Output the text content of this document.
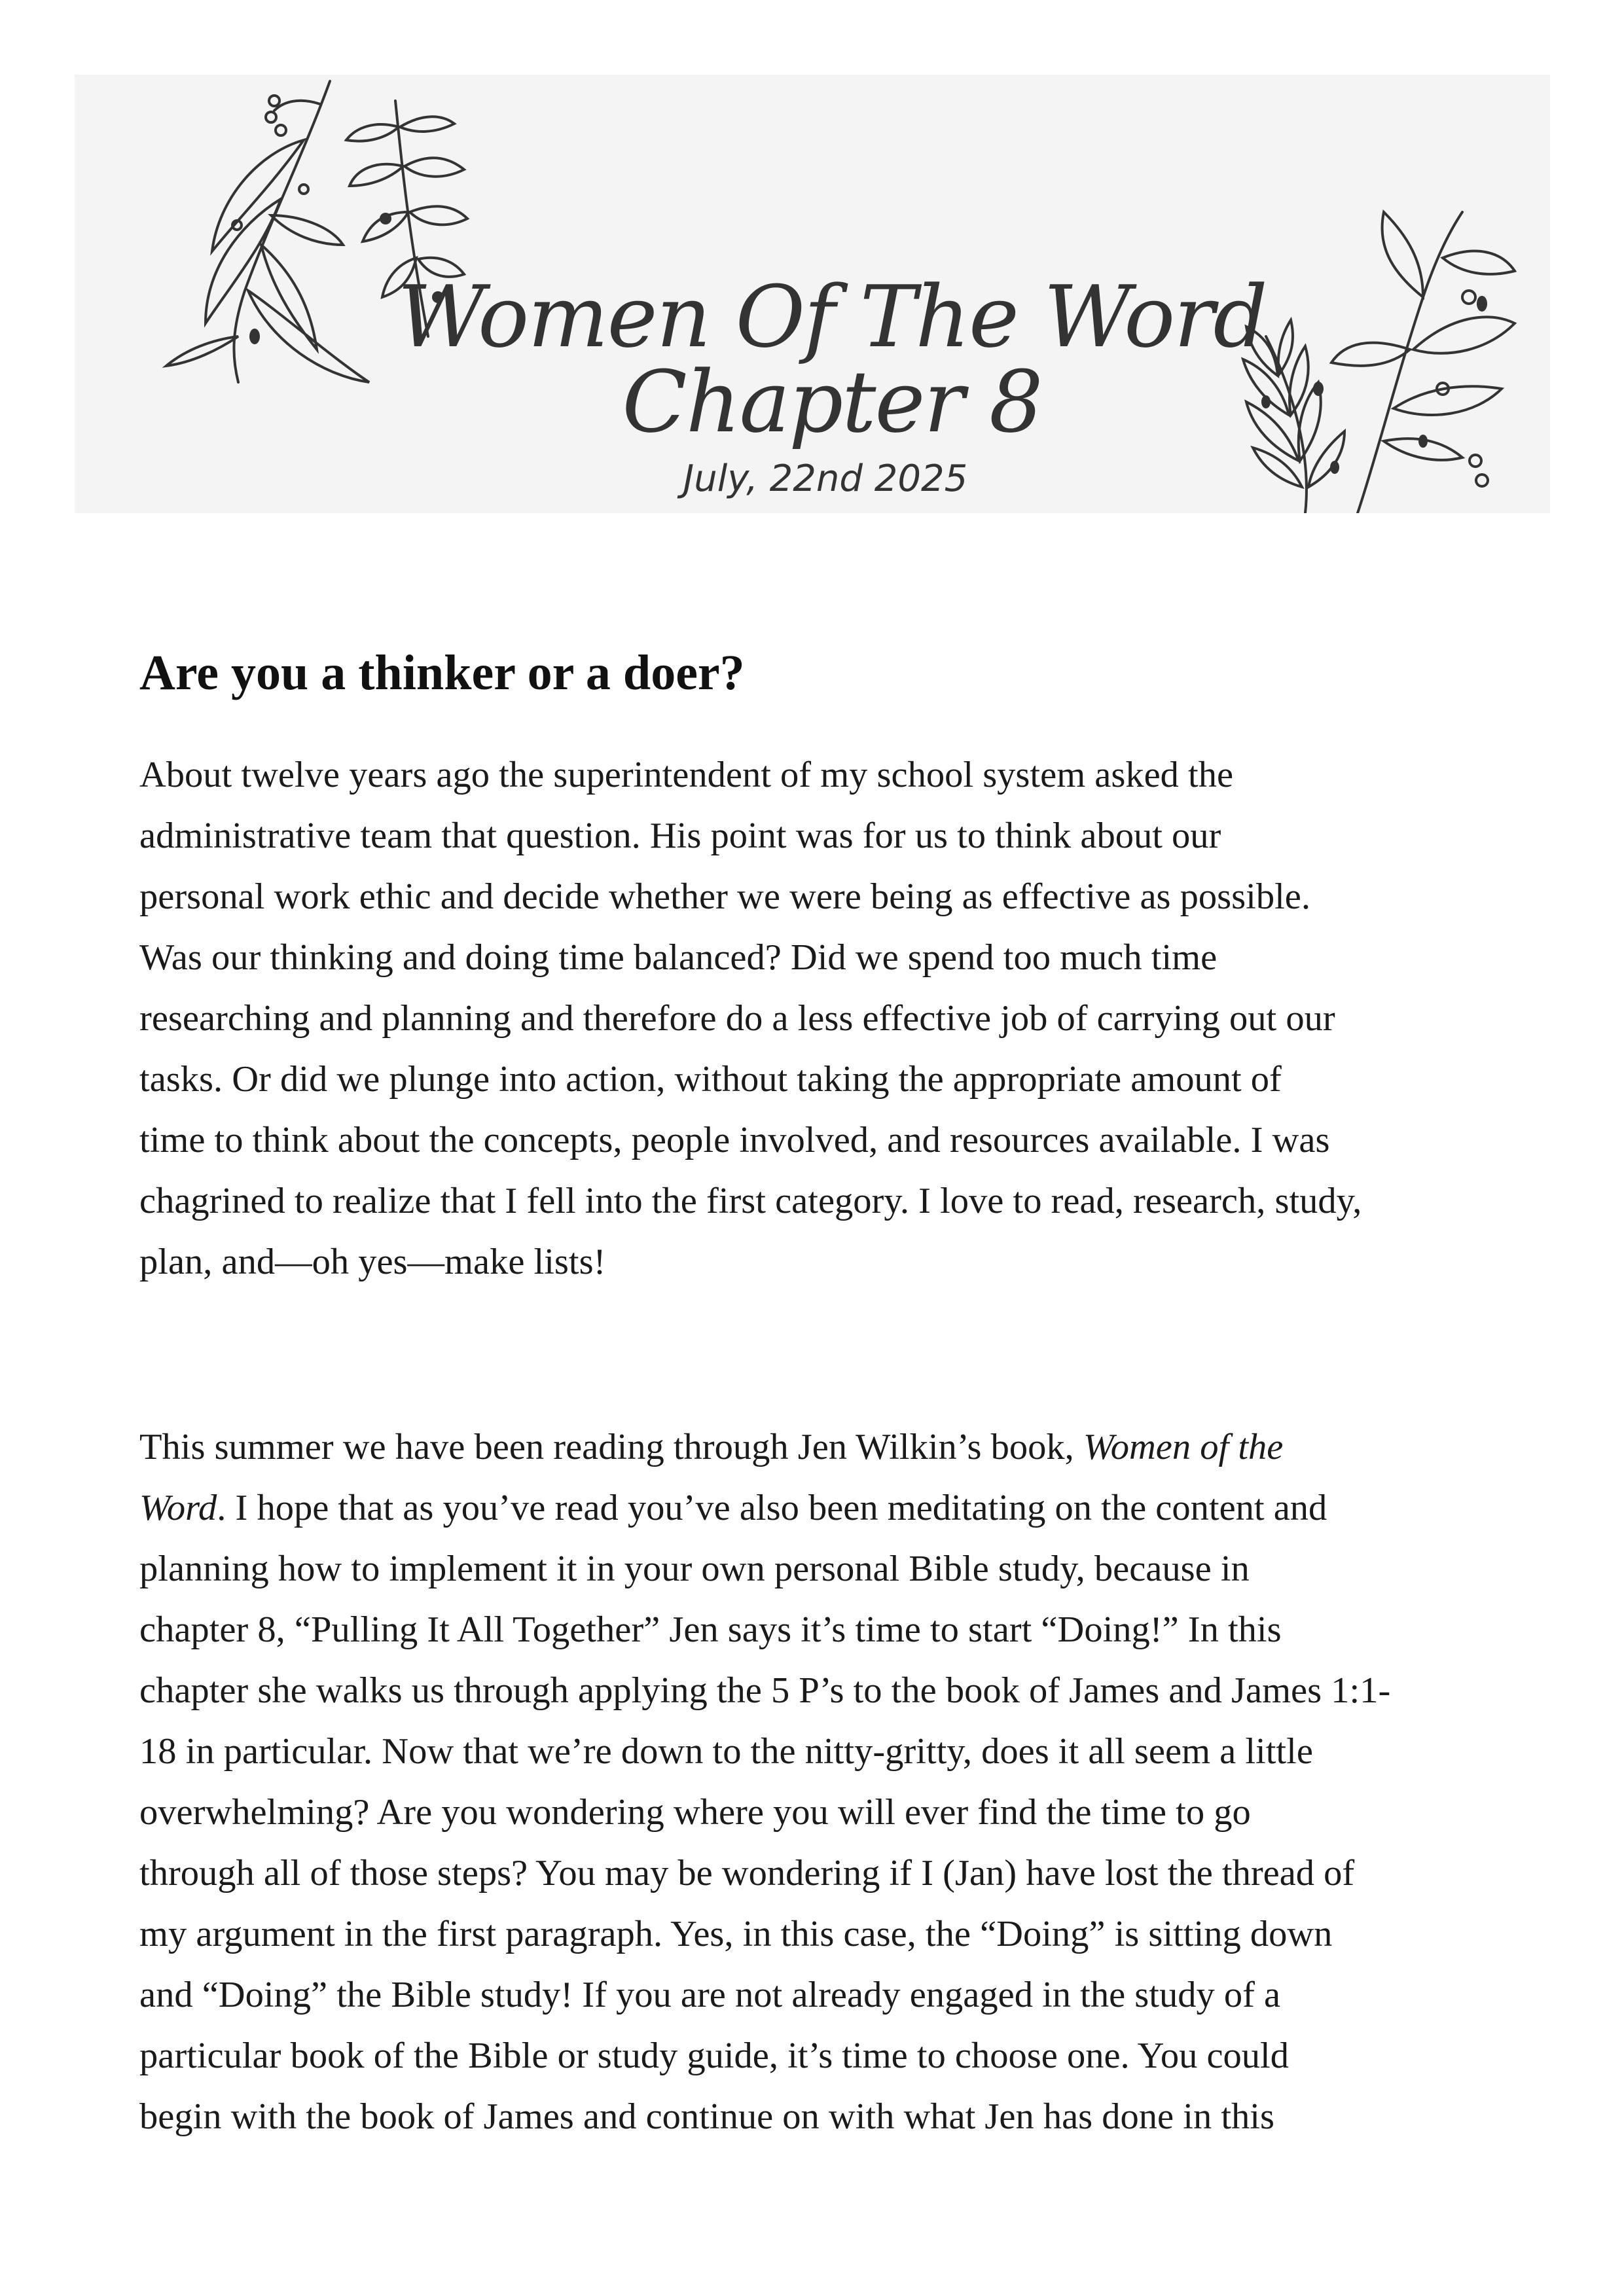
Women Of The Word
Chapter 8
July, 22nd 2025
Are you a thinker or a doer?

About twelve years ago the superintendent of my school system asked the
administrative team that question. His point was for us to think about our
personal work ethic and decide whether we were being as effective as possible.
Was our thinking and doing time balanced? Did we spend too much time
researching and planning and therefore do a less effective job of carrying out our
tasks. Or did we plunge into action, without taking the appropriate amount of
time to think about the concepts, people involved, and resources available. I was
chagrined to realize that I fell into the first category. I love to read, research, study,
plan, and—oh yes—make lists!

This summer we have been reading through Jen Wilkin’s book, Women of the
Word. I hope that as you’ve read you’ve also been meditating on the content and
planning how to implement it in your own personal Bible study, because in
chapter 8, “Pulling It All Together” Jen says it’s time to start “Doing!” In this
chapter she walks us through applying the 5 P’s to the book of James and James 1:1-
18 in particular. Now that we’re down to the nitty-gritty, does it all seem a little
overwhelming? Are you wondering where you will ever find the time to go
through all of those steps? You may be wondering if I (Jan) have lost the thread of
my argument in the first paragraph. Yes, in this case, the “Doing” is sitting down
and “Doing” the Bible study! If you are not already engaged in the study of a
particular book of the Bible or study guide, it’s time to choose one. You could
begin with the book of James and continue on with what Jen has done in this
